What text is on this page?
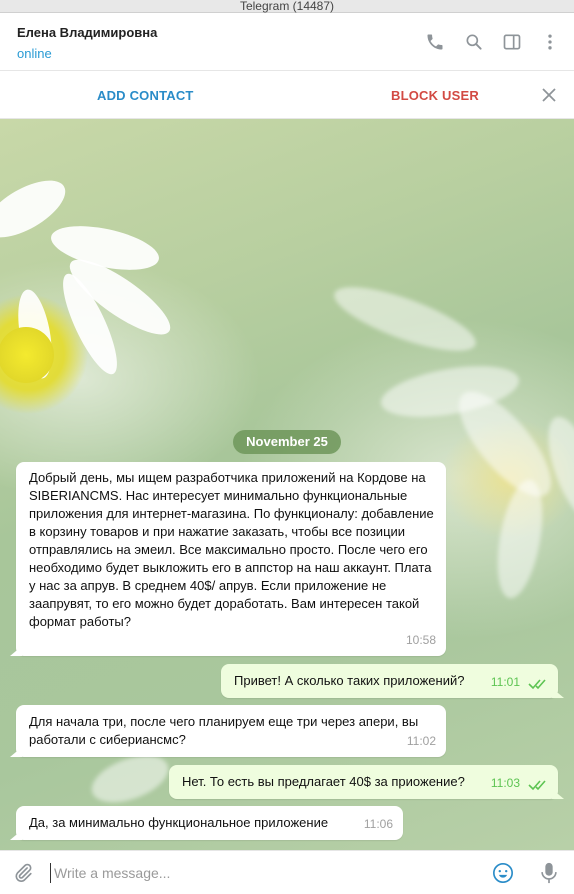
Telegram (14487)
Елена Владимировна
online
ADD CONTACT	BLOCK USER
November 25
Добрый день, мы ищем разработчика приложений на Кордове на SIBERIANCMS. Нас интересует минимально функциональные приложения для интернет-магазина. По функционалу: добавление в корзину товаров и при нажатие заказать, чтобы все позиции отправлялись на эмеил. Все максимально просто. После чего его необходимо будет выкложить его в аппстор на наш аккаунт. Плата у нас за апрув. В среднем 40$/ апрув. Если приложение не заапрувят, то его можно будет доработать. Вам интересен такой формат работы?
10:58
Привет! А сколько таких приложений?	11:01
Для начала три, после чего планируем еще три через апери, вы работали с сибериансмс?	11:02
Нет. То есть вы предлагает 40$ за приожение?	11:03
Да, за минимально функциональное приложение	11:06
Write a message...
